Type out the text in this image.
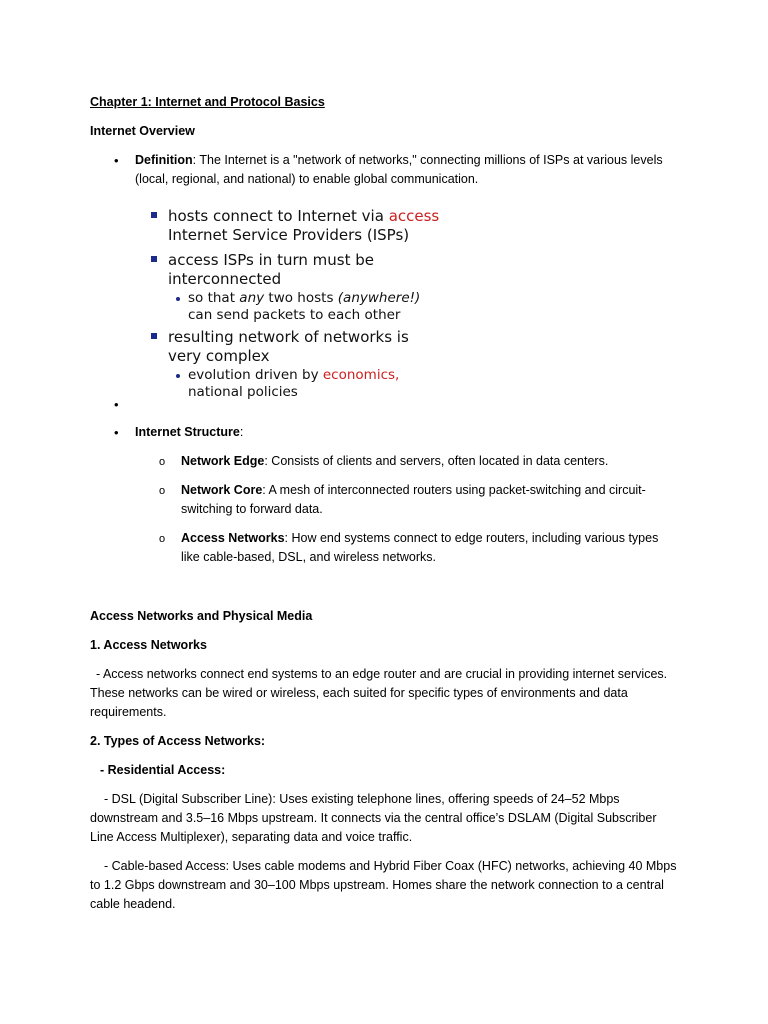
Chapter 1: Internet and Protocol Basics

Internet Overview

• Definition: The Internet is a "network of networks," connecting millions of ISPs at various levels (local, regional, and national) to enable global communication.

hosts connect to Internet via access

Internet Service Providers (ISPs)

access ISPs in turn must be

interconnected

so that any two hosts (anywhere!)

can send packets to each other

resulting network of networks is

very complex

evolution driven by economics,

national policies

•
• Internet Structure:

o Network Edge: Consists of clients and servers, often located in data centers.

o Network Core: A mesh of interconnected routers using packet-switching and circuit-switching to forward data.

o Access Networks: How end systems connect to edge routers, including various types like cable-based, DSL, and wireless networks.

Access Networks and Physical Media

1. Access Networks

- Access networks connect end systems to an edge router and are crucial in providing internet services. These networks can be wired or wireless, each suited for specific types of environments and data requirements.

2. Types of Access Networks:

- Residential Access:

- DSL (Digital Subscriber Line): Uses existing telephone lines, offering speeds of 24–52 Mbps downstream and 3.5–16 Mbps upstream. It connects via the central office’s DSLAM (Digital Subscriber Line Access Multiplexer), separating data and voice traffic.

- Cable-based Access: Uses cable modems and Hybrid Fiber Coax (HFC) networks, achieving 40 Mbps to 1.2 Gbps downstream and 30–100 Mbps upstream. Homes share the network connection to a central cable headend.
